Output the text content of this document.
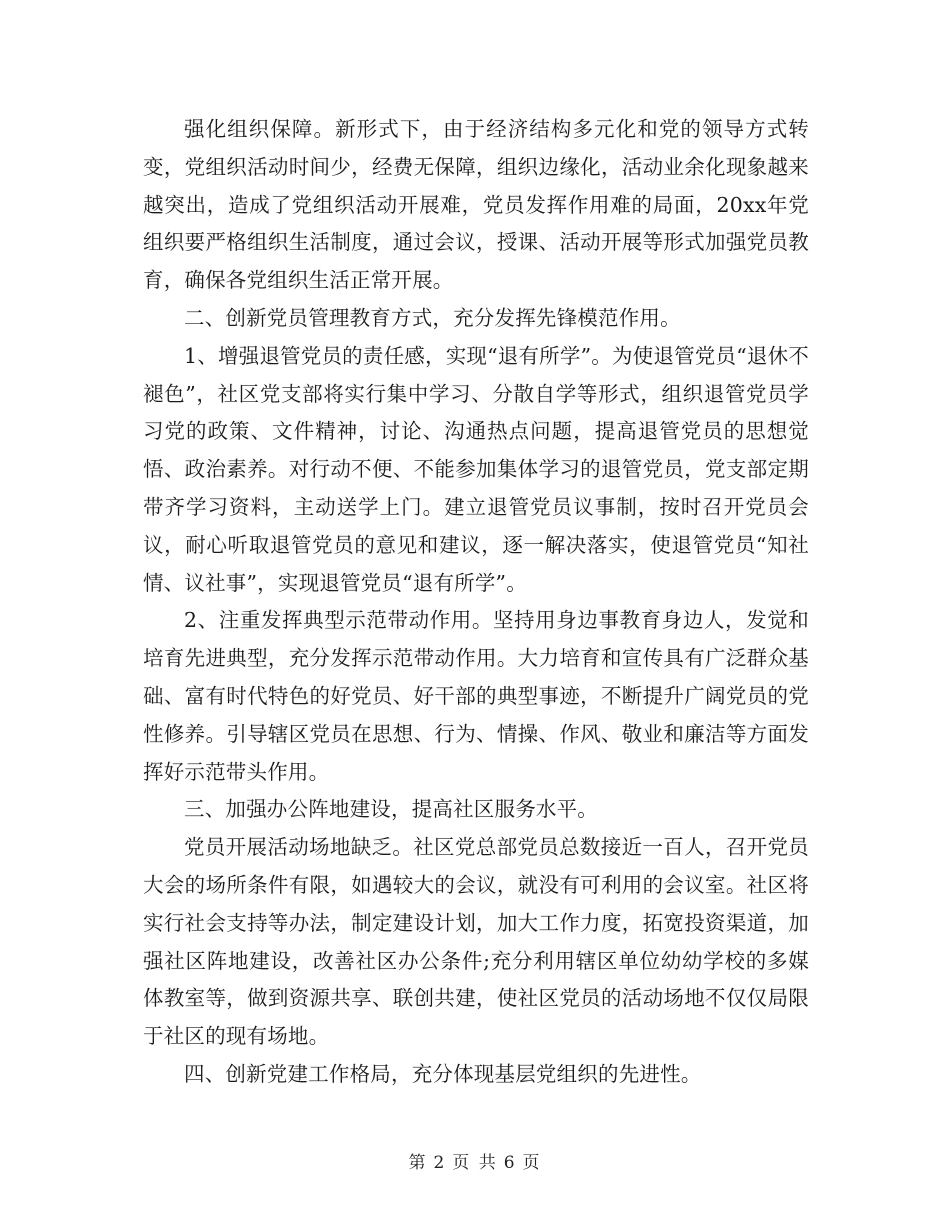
强化组织保障。新形式下，由于经济结构多元化和党的领导方式转变，党组织活动时间少，经费无保障，组织边缘化，活动业余化现象越来越突出，造成了党组织活动开展难，党员发挥作用难的局面，20xx年党组织要严格组织生活制度，通过会议，授课、活动开展等形式加强党员教育，确保各党组织生活正常开展。

二、创新党员管理教育方式，充分发挥先锋模范作用。

1、增强退管党员的责任感，实现“退有所学”。为使退管党员“退休不褪色”，社区党支部将实行集中学习、分散自学等形式，组织退管党员学习党的政策、文件精神，讨论、沟通热点问题，提高退管党员的思想觉悟、政治素养。对行动不便、不能参加集体学习的退管党员，党支部定期带齐学习资料，主动送学上门。建立退管党员议事制，按时召开党员会议，耐心听取退管党员的意见和建议，逐一解决落实，使退管党员“知社情、议社事”，实现退管党员“退有所学”。

2、注重发挥典型示范带动作用。坚持用身边事教育身边人，发觉和培育先进典型，充分发挥示范带动作用。大力培育和宣传具有广泛群众基础、富有时代特色的好党员、好干部的典型事迹，不断提升广阔党员的党性修养。引导辖区党员在思想、行为、情操、作风、敬业和廉洁等方面发挥好示范带头作用。

三、加强办公阵地建设，提高社区服务水平。

党员开展活动场地缺乏。社区党总部党员总数接近一百人，召开党员大会的场所条件有限，如遇较大的会议，就没有可利用的会议室。社区将实行社会支持等办法，制定建设计划，加大工作力度，拓宽投资渠道，加强社区阵地建设，改善社区办公条件;充分利用辖区单位幼幼学校的多媒体教室等，做到资源共享、联创共建，使社区党员的活动场地不仅仅局限于社区的现有场地。

四、创新党建工作格局，充分体现基层党组织的先进性。

第 2 页 共 6 页
